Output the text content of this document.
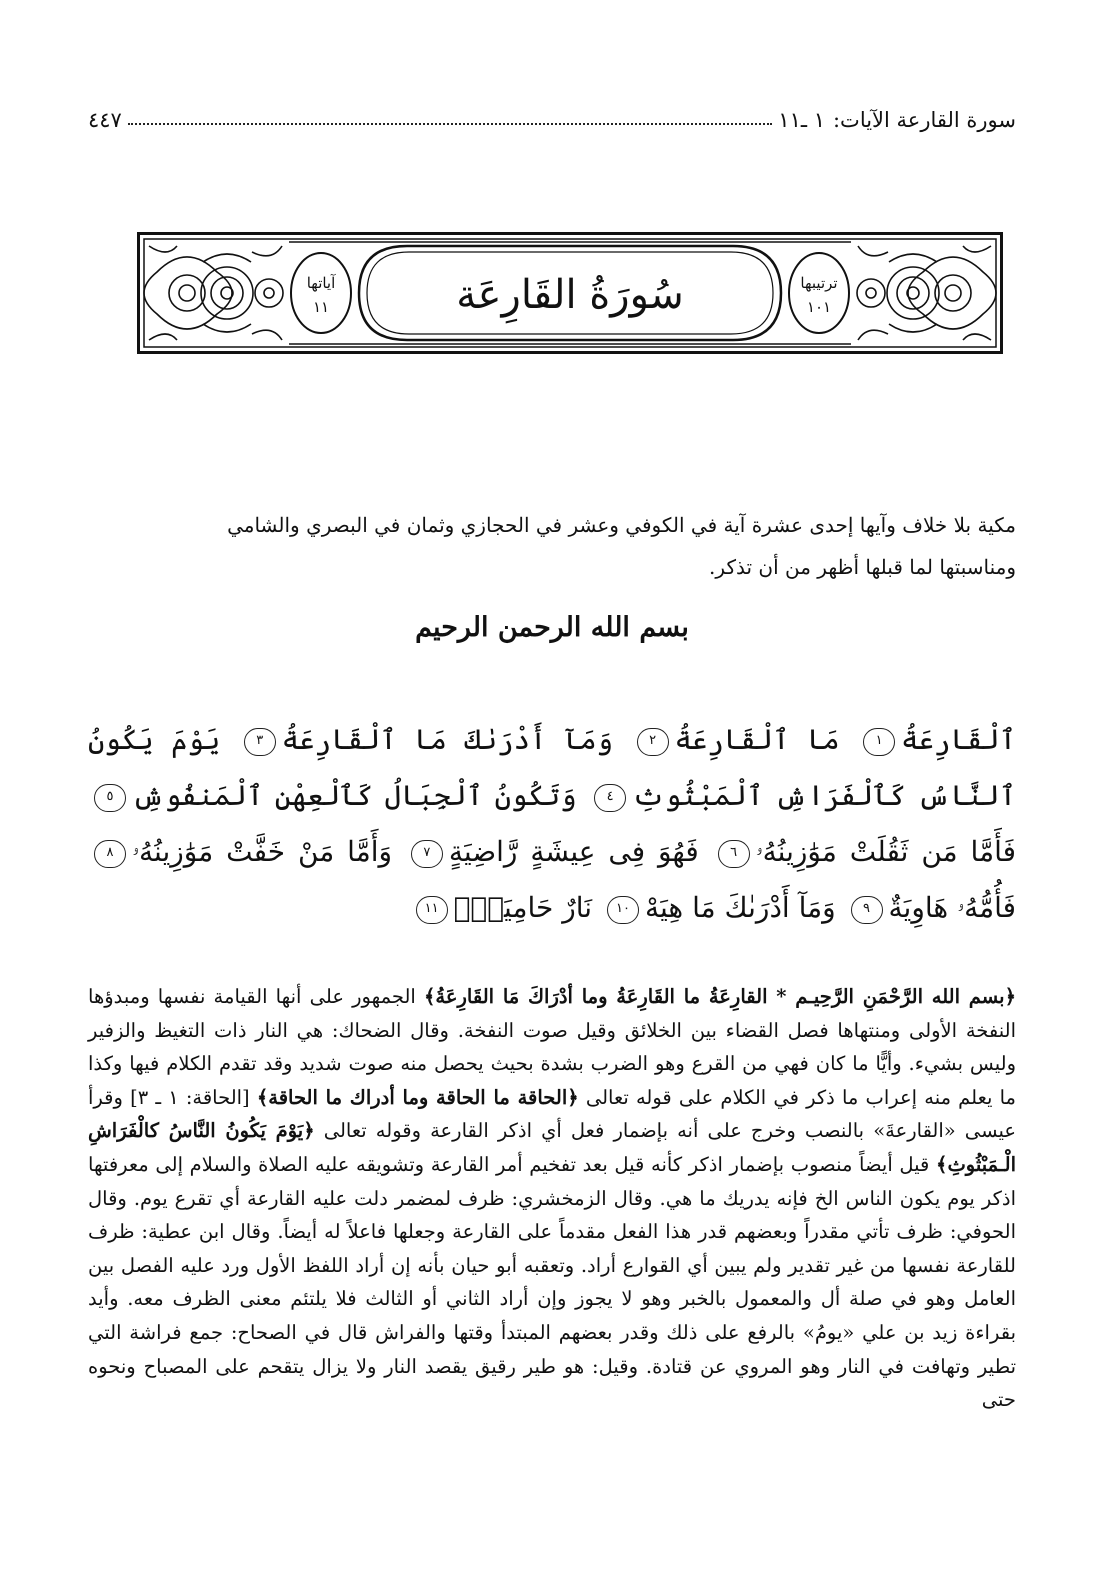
سورة القارعة الآيات:
١ ـ١١
٤٤٧
آياتها
١١
ترتيبها
١٠١
سُورَةُ القَارِعَة

مكية بلا خلاف وآيها إحدى عشرة آية في الكوفي وعشر في الحجازي وثمان في البصري والشامي

ومناسبتها لما قبلها أظهر من أن تذكر.

بسم الله الرحمن الرحيم
ٱلْقَارِعَةُ١ مَا ٱلْقَارِعَةُ٢ وَمَآ أَدْرَىٰكَ مَا ٱلْقَارِعَةُ٣ يَوْمَ يَكُونُ ٱلنَّاسُ كَٱلْفَرَاشِ ٱلْمَبْثُوثِ٤ وَتَكُونُ ٱلْجِبَالُ كَٱلْعِهْنِ ٱلْمَنفُوشِ٥ فَأَمَّا مَن ثَقُلَتْ مَوَٰزِينُهُۥ٦ فَهُوَ فِى عِيشَةٍ رَّاضِيَةٍ٧ وَأَمَّا مَنْ خَفَّتْ مَوَٰزِينُهُۥ٨ فَأُمُّهُۥ هَاوِيَةٌ٩ وَمَآ أَدْرَىٰكَ مَا هِيَهْ١٠ نَارٌ حَامِيَةٌۢ١١

﴿بسم الله الرَّحْمَنِ الرَّحِيـم * القارِعَةُ ما القَارِعَةُ وما أدْرَاكَ مَا القَارِعَةُ﴾ الجمهور على أنها القيامة نفسها ومبدؤها النفخة الأولى ومنتهاها فصل القضاء بين الخلائق وقيل صوت النفخة. وقال الضحاك: هي النار ذات التغيظ والزفير وليس بشيء. وأيًّا ما كان فهي من القرع وهو الضرب بشدة بحيث يحصل منه صوت شديد وقد تقدم الكلام فيها وكذا ما يعلم منه إعراب ما ذكر في الكلام على قوله تعالى ﴿الحاقة ما الحاقة وما أدراك ما الحاقة﴾ [الحاقة: ١ ـ ٣] وقرأ عيسى «القارعةَ» بالنصب وخرج على أنه بإضمار فعل أي اذكر القارعة وقوله تعالى ﴿يَوْمَ يَكُونُ النَّاسُ كالْفَرَاشِ الْـمَبْثُوثِ﴾ قيل أيضاً منصوب بإضمار اذكر كأنه قيل بعد تفخيم أمر القارعة وتشويقه عليه الصلاة والسلام إلى معرفتها اذكر يوم يكون الناس الخ فإنه يدريك ما هي. وقال الزمخشري: ظرف لمضمر دلت عليه القارعة أي تقرع يوم. وقال الحوفي: ظرف تأتي مقدراً وبعضهم قدر هذا الفعل مقدماً على القارعة وجعلها فاعلاً له أيضاً. وقال ابن عطية: ظرف للقارعة نفسها من غير تقدير ولم يبين أي القوارع أراد. وتعقبه أبو حيان بأنه إن أراد اللفظ الأول ورد عليه الفصل بين العامل وهو في صلة أل والمعمول بالخبر وهو لا يجوز وإن أراد الثاني أو الثالث فلا يلتئم معنى الظرف معه. وأيد بقراءة زيد بن علي «يومُ» بالرفع على ذلك وقدر بعضهم المبتدأ وقتها والفراش قال في الصحاح: جمع فراشة التي تطير وتهافت في النار وهو المروي عن قتادة. وقيل: هو طير رقيق يقصد النار ولا يزال يتقحم على المصباح ونحوه حتى
